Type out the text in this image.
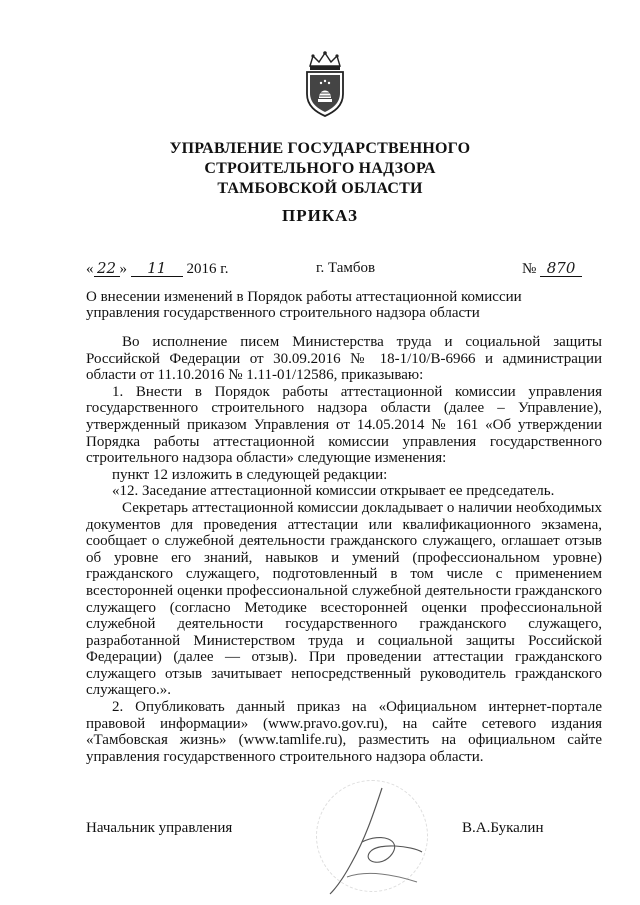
УПРАВЛЕНИЕ ГОСУДАРСТВЕННОГО
СТРОИТЕЛЬНОГО НАДЗОРА
ТАМБОВСКОЙ ОБЛАСТИ
ПРИКАЗ
« 22 » 11 2016 г.	г. Тамбов	№ 870
О внесении изменений в Порядок работы аттестационной комиссии
управления государственного строительного надзора области

Во исполнение писем Министерства труда и социальной защиты Российской Федерации от 30.09.2016 № 18-1/10/В-6966 и администрации области от 11.10.2016 № 1.11-01/12586, приказываю:

1. Внести в Порядок работы аттестационной комиссии управления государственного строительного надзора области (далее – Управление), утвержденный приказом Управления от 14.05.2014 № 161 «Об утверждении Порядка работы аттестационной комиссии управления государственного строительного надзора области» следующие изменения:

пункт 12 изложить в следующей редакции:

«12. Заседание аттестационной комиссии открывает ее председатель.

Секретарь аттестационной комиссии докладывает о наличии необходимых документов для проведения аттестации или квалификационного экзамена, сообщает о служебной деятельности гражданского служащего, оглашает отзыв об уровне его знаний, навыков и умений (профессиональном уровне) гражданского служащего, подготовленный в том числе с применением всесторонней оценки профессиональной служебной деятельности гражданского служащего (согласно Методике всесторонней оценки профессиональной служебной деятельности государственного гражданского служащего, разработанной Министерством труда и социальной защиты Российской Федерации) (далее — отзыв). При проведении аттестации гражданского служащего отзыв зачитывает непосредственный руководитель гражданского служащего.».

2. Опубликовать данный приказ на «Официальном интернет-портале правовой информации» (www.pravo.gov.ru), на сайте сетевого издания «Тамбовская жизнь» (www.tamlife.ru), разместить на официальном сайте управления государственного строительного надзора области.

Начальник управления	В.А.Букалин
